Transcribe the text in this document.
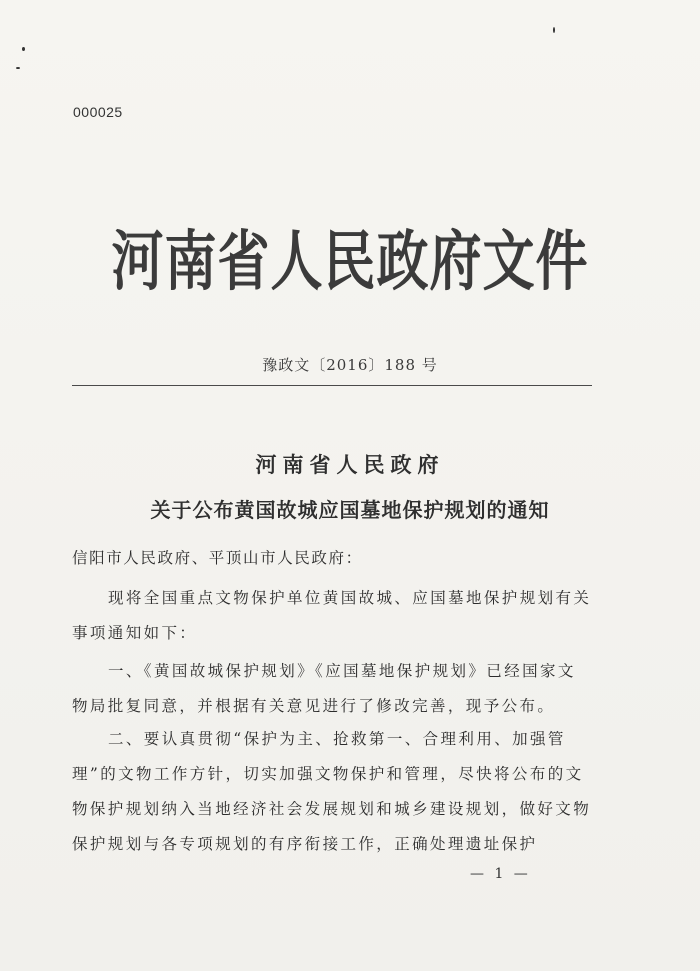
000025
河南省人民政府文件
豫政文〔2016〕188 号
河南省人民政府
关于公布黄国故城应国墓地保护规划的通知
信阳市人民政府、平顶山市人民政府：
现将全国重点文物保护单位黄国故城、应国墓地保护规划有关事项通知如下：
一、《黄国故城保护规划》《应国墓地保护规划》已经国家文物局批复同意，并根据有关意见进行了修改完善，现予公布。
二、要认真贯彻“保护为主、抢救第一、合理利用、加强管理”的文物工作方针，切实加强文物保护和管理，尽快将公布的文物保护规划纳入当地经济社会发展规划和城乡建设规划，做好文物保护规划与各专项规划的有序衔接工作，正确处理遗址保护
— 1 —
